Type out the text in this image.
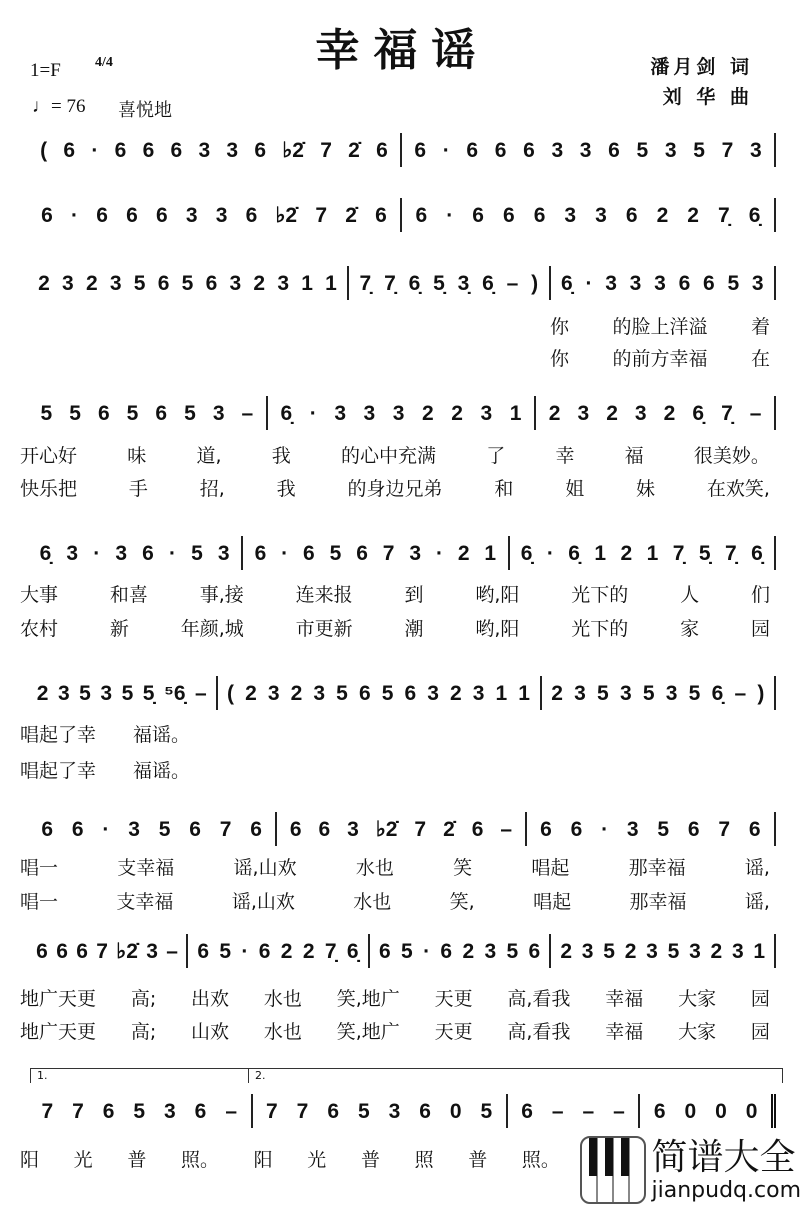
幸福谣
1=F 4/4
♩= 76 喜悦地
潘月剑 词
刘 华 曲
( 6 · 6 6 6 3 3 6 ♭2̇ 7 2̇ 6 6 · 6 6 6 3 3 6 5 3 5 7 3
6 · 6 6 6 3 3 6 ♭2̇ 7 2̇ 6 6 · 6 6 6 3 3 6 2 2 7̣ 6̣
2 3 2 3 5 6 5 6 3 2 3 1 1 7̣ 7̣ 6̣ 5̣ 3̣ 6̣ – ) 6̣ · 3 3 3 6 6 5 3
你 的脸上洋溢 着
你 的前方幸福 在
5 5 6 5 6 5 3 – 6̣ · 3 3 3 2 2 3 1 2 3 2 3 2 6̣ 7̣ –
开心好	味	道,	我	的心中充满	了	幸	福	很美妙。
快乐把	手	招,	我	的身边兄弟	和	姐	妹	在欢笑,
6̣ 3 · 3 6 · 5 3 6 · 6 5 6 7 3 · 2 1 6̣ · 6̣ 1 2 1 7̣ 5̣ 7̣ 6̣
大事	和喜	事,接	连来报	到	哟,阳	光下的	人	们
农村	新	年颜,城	市更新	潮	哟,阳	光下的	家	园
2 3 5 3 5 5̣ ⁵6̣ – ( 2 3 2 3 5 6 5 6 3 2 3 1 1 2 3 5 3 5 3 5 6̣ – )
唱起了幸 福谣。
唱起了幸 福谣。
6 6 · 3 5 6 7 6 6 6 3 ♭2̇ 7 2̇ 6 – 6 6 · 3 5 6 7 6
唱一	支幸福	谣,山欢	水也	笑	唱起	那幸福	谣,
唱一	支幸福	谣,山欢	水也	笑,	唱起	那幸福	谣,
6 6 6 7 ♭2̇ 3 – 6 5 · 6 2 2 7̣ 6̣ 6 5 · 6 2 3 5 6 2 3 5 2 3 5 3 2 3 1
地广天更 高; 出欢 水也 笑,地广 天更 高,看我 幸福 大家 园
地广天更 高; 山欢 水也 笑,地广 天更 高,看我 幸福 大家 园
7 7 6 5 3 6 – 7 7 6 5 3 6 0 5 6 – – – 6 0 0 0
阳 光 普 照。 阳 光 普 照 普 照。
1.	2.
简谱大全
jianpudq.com
